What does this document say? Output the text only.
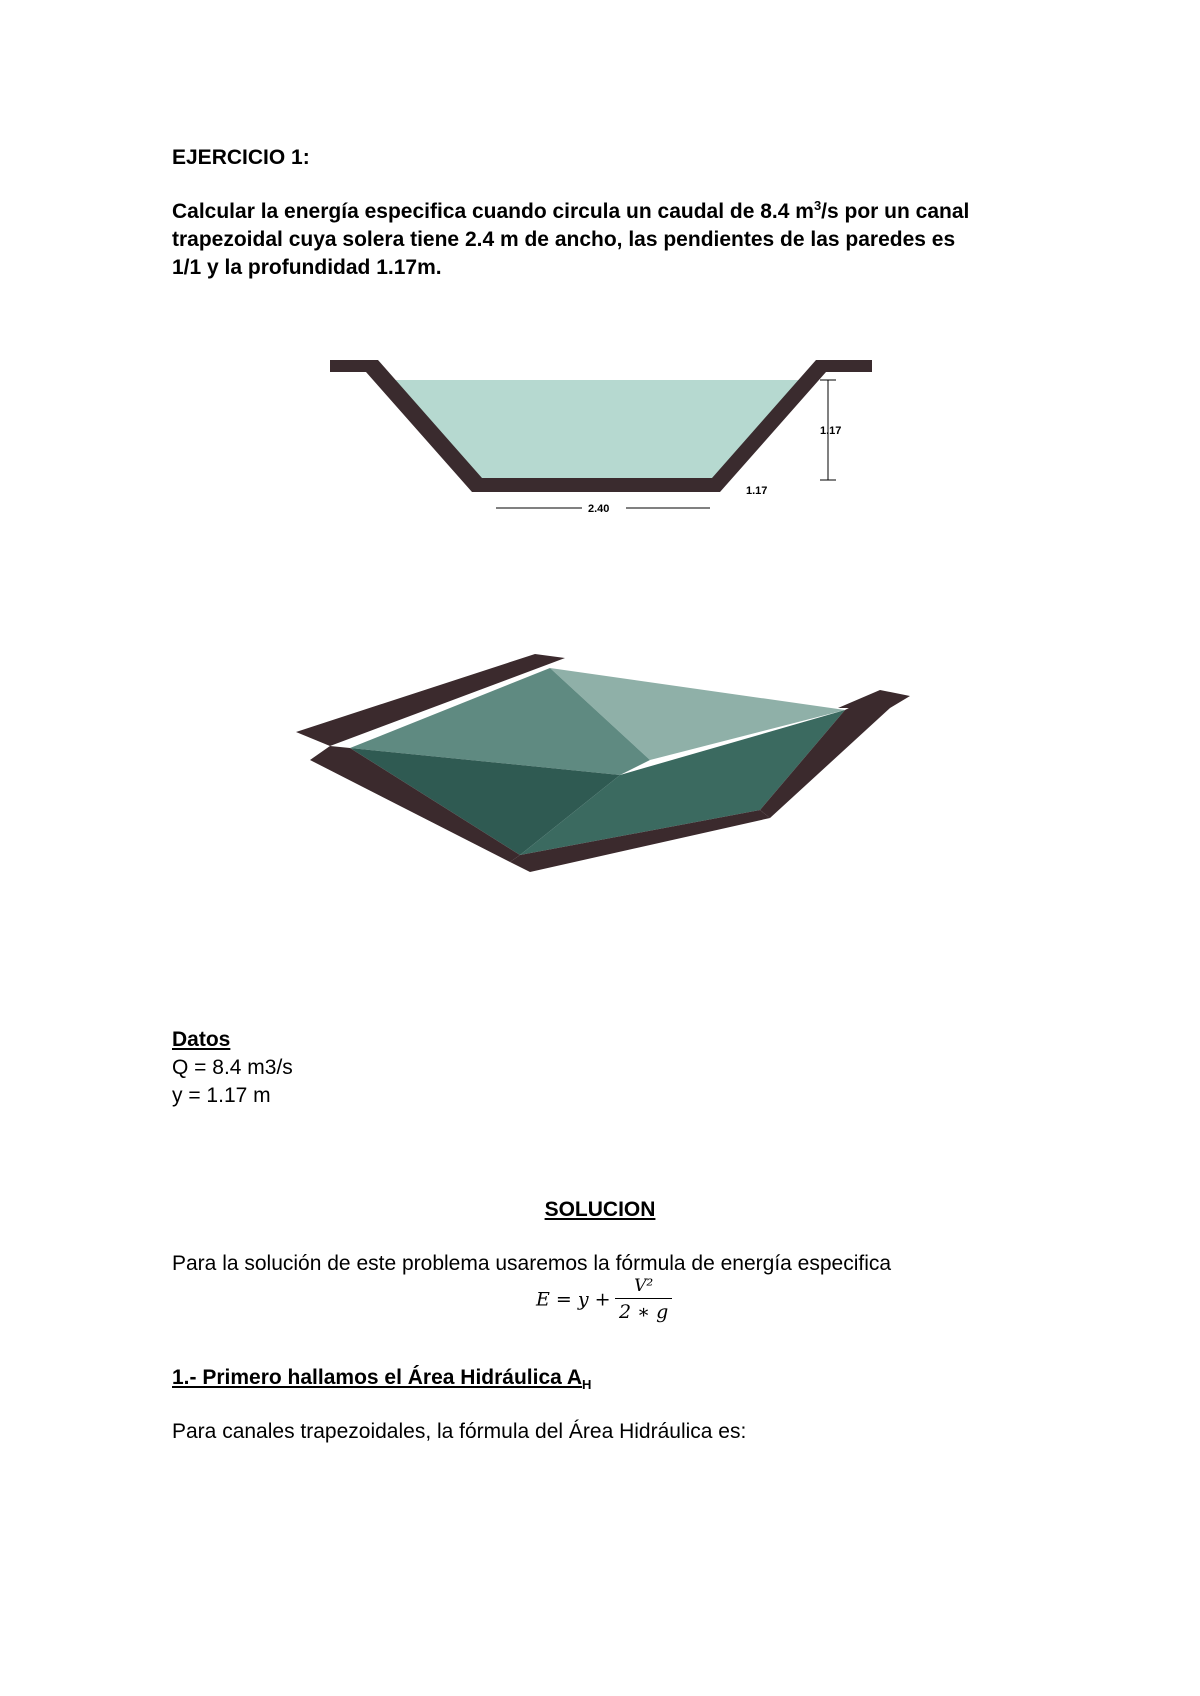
EJERCICIO 1:
Calcular la energía especifica cuando circula un caudal de 8.4 $m^3/s$ por un canal
trapezoidal cuya solera tiene 2.4 m de ancho, las pendientes de las paredes es
1/1 y la profundidad 1.17m.
1.17
1.17
2.40
Datos
Q = 8.4 m3/s
y = 1.17 m
SOLUCION
Para la solución de este problema usaremos la fórmula de energía especifica
$E = y + \frac{\text{V²}}{2 ∗ g}$
1.- Primero hallamos el Área Hidráulica $A_H$
Para canales trapezoidales, la fórmula del Área Hidráulica es:
